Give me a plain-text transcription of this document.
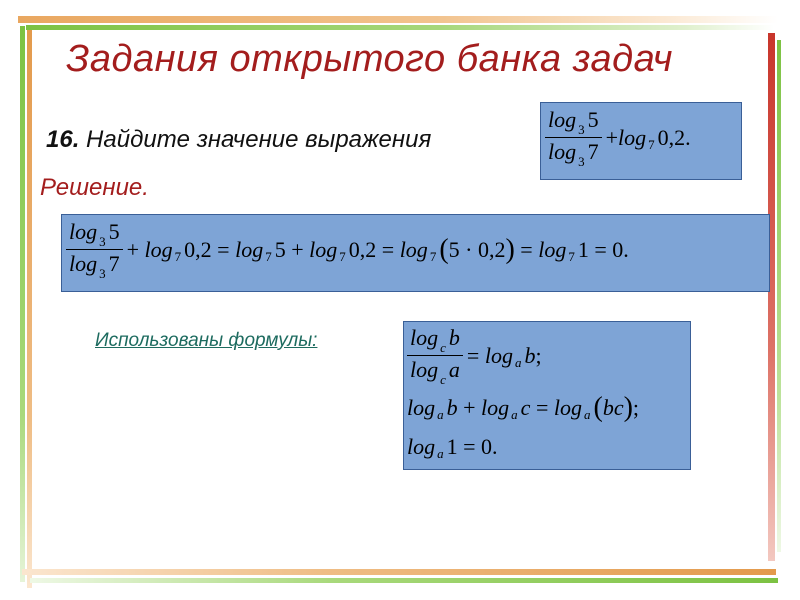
Задания открытого банка задач
16. Найдите значение выражения	$\frac{\log _3 5}{\log _3 7} + \log 7$ 0,2 .
Решение.
$\frac{\log _3 5}{\log _3 7}$ +
log 7 0,2
=
log 7 5
+
log 7 0,2
=
log 7 ( 5
·
0,2 )
=
log 7 1
=
0 .
Использованы формулы:	$\frac{\log _c b}{\log _c a}$ =
log a b ;
log a b
+
log a c
=
log a ( bc ) ;
log a 1
=
0 .
